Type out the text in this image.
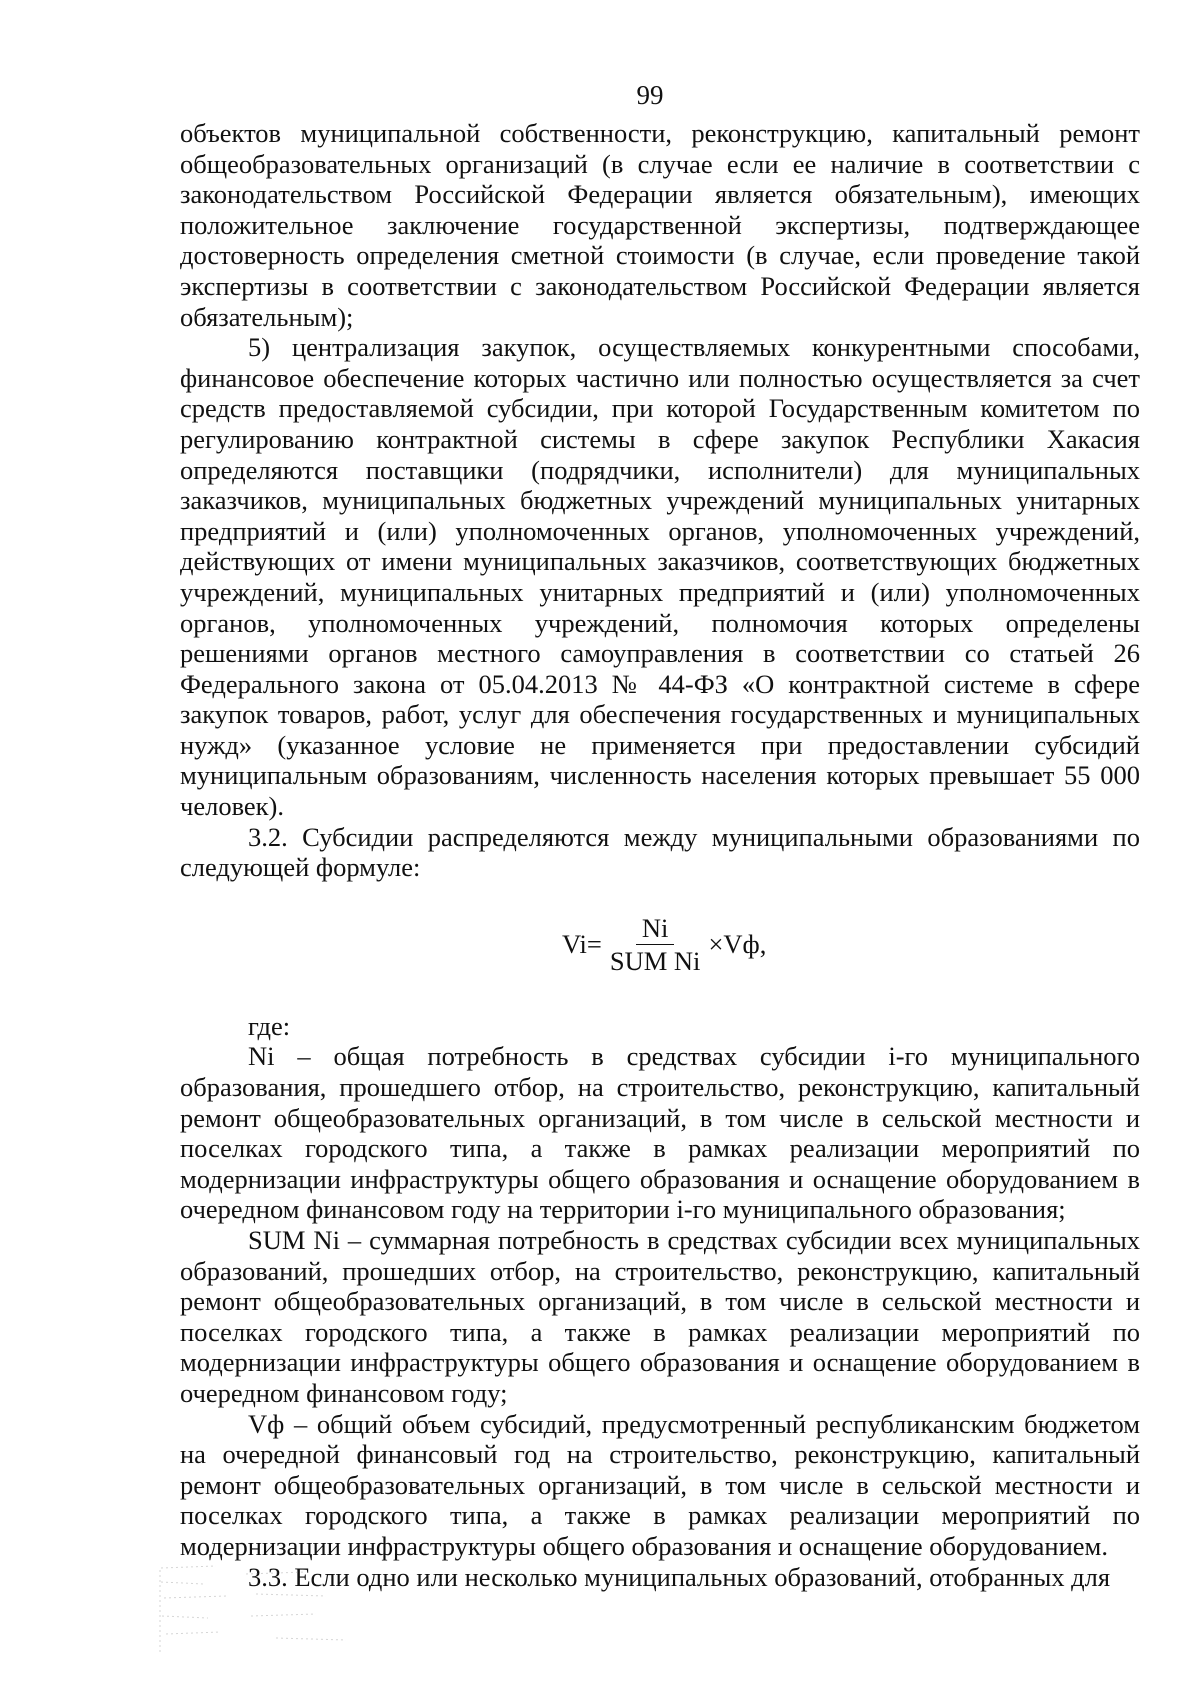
99

объектов муниципальной собственности, реконструкцию, капитальный ремонт общеобразовательных организаций (в случае если ее наличие в соответствии с законодательством Российской Федерации является обязательным), имеющих положительное заключение государственной экспертизы, подтверждающее достоверность определения сметной стоимости (в случае, если проведение такой экспертизы в соответствии с законодательством Российской Федерации является обязательным);

5) централизация закупок, осуществляемых конкурентными способами, финансовое обеспечение которых частично или полностью осуществляется за счет средств предоставляемой субсидии, при которой Государственным комитетом по регулированию контрактной системы в сфере закупок Республики Хакасия определяются поставщики (подрядчики, исполнители) для муниципальных заказчиков, муниципальных бюджетных учреждений муниципальных унитарных предприятий и (или) уполномоченных органов, уполномоченных учреждений, действующих от имени муниципальных заказчиков, соответствующих бюджетных учреждений, муниципальных унитарных предприятий и (или) уполномоченных органов, уполномоченных учреждений, полномочия которых определены решениями органов местного самоуправления в соответствии со статьей 26 Федерального закона от 05.04.2013 № 44-ФЗ «О контрактной системе в сфере закупок товаров, работ, услуг для обеспечения государственных и муниципальных нужд» (указанное условие не применяется при предоставлении субсидий муниципальным образованиям, численность населения которых превышает 55 000 человек).

3.2. Субсидии распределяются между муниципальными образованиями по следующей формуле:

$Vi= \frac{Ni}{\text{SUM Ni}} \times Vф$,

где:

Ni – общая потребность в средствах субсидии i-го муниципального образования, прошедшего отбор, на строительство, реконструкцию, капитальный ремонт общеобразовательных организаций, в том числе в сельской местности и поселках городского типа, а также в рамках реализации мероприятий по модернизации инфраструктуры общего образования и оснащение оборудованием в очередном финансовом году на территории i-го муниципального образования;

SUM Ni – суммарная потребность в средствах субсидии всех муниципальных образований, прошедших отбор, на строительство, реконструкцию, капитальный ремонт общеобразовательных организаций, в том числе в сельской местности и поселках городского типа, а также в рамках реализации мероприятий по модернизации инфраструктуры общего образования и оснащение оборудованием в очередном финансовом году;

Vф – общий объем субсидий, предусмотренный республиканским бюджетом на очередной финансовый год на строительство, реконструкцию, капитальный ремонт общеобразовательных организаций, в том числе в сельской местности и поселках городского типа, а также в рамках реализации мероприятий по модернизации инфраструктуры общего образования и оснащение оборудованием.

3.3. Если одно или несколько муниципальных образований, отобранных для
